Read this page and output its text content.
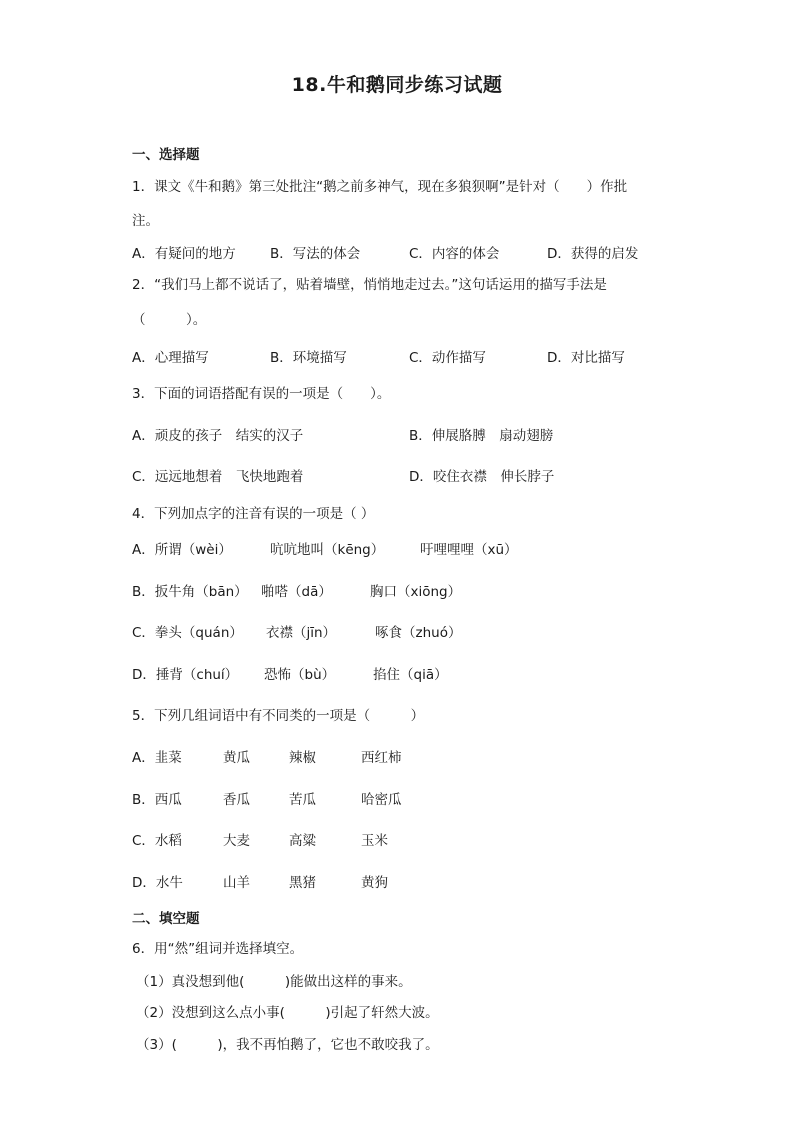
18.牛和鹅同步练习试题
一、选择题
1．课文《牛和鹅》第三处批注“鹅之前多神气，现在多狼狈啊”是针对（　　）作批
注。
A．有疑问的地方	B．写法的体会	C．内容的体会	D．获得的启发
2．“我们马上都不说话了，贴着墙壁，悄悄地走过去。”这句话运用的描写手法是
（　　　）。
A．心理描写	B．环境描写	C．动作描写	D．对比描写
3．下面的词语搭配有误的一项是（　　）。
A．顽皮的孩子　结实的汉子	B．伸展胳膊　扇动翅膀
C．远远地想着　飞快地跑着	D．咬住衣襟　伸长脖子
4．下列加点字的注音有误的一项是（ ）
A．所谓（wèi）	吭吭地叫（kēng）	吁哩哩哩（xū）
B．扳牛角（bān） 啪嗒（dā）	胸口（xiōng）
C．拳头（quán） 衣襟（jīn）	啄食（zhuó）
D．捶背（chuí） 恐怖（bù）	掐住（qiā）
5．下列几组词语中有不同类的一项是（　　　）
A．韭菜	黄瓜	辣椒	西红柿
B．西瓜	香瓜	苦瓜	哈密瓜
C．水稻	大麦	高粱	玉米
D．水牛	山羊	黑猪	黄狗
二、填空题
6．用“然”组词并选择填空。
（1）真没想到他(　　　)能做出这样的事来。
（2）没想到这么点小事(　　　)引起了轩然大波。
（3）(　　　)，我不再怕鹅了，它也不敢咬我了。
